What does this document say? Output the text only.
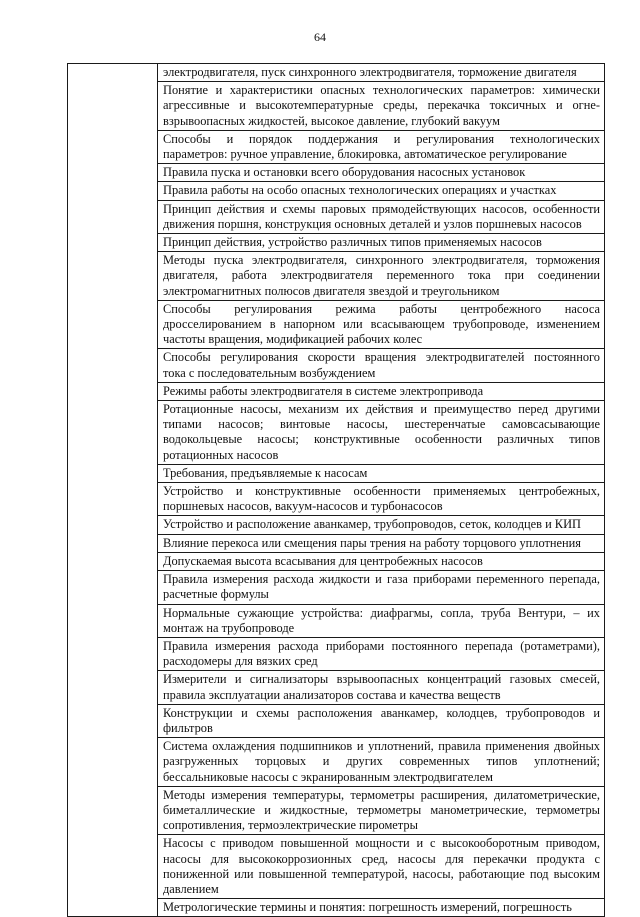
64

электродвигателя, пуск синхронного электродвигателя, торможение двигателя

Понятие и характеристики опасных технологических параметров: химически
агрессивные и высокотемпературные среды, перекачка токсичных и огне-
взрывоопасных жидкостей, высокое давление, глубокий вакуум

Способы и порядок поддержания и регулирования технологических
параметров: ручное управление, блокировка, автоматическое регулирование

Правила пуска и остановки всего оборудования насосных установок

Правила работы на особо опасных технологических операциях и участках

Принцип действия и схемы паровых прямодействующих насосов, особенности
движения поршня, конструкция основных деталей и узлов поршневых насосов

Принцип действия, устройство различных типов применяемых насосов

Методы пуска электродвигателя, синхронного электродвигателя, торможения
двигателя, работа электродвигателя переменного тока при соединении
электромагнитных полюсов двигателя звездой и треугольником

Способы регулирования режима работы центробежного насоса
дросселированием в напорном или всасывающем трубопроводе, изменением
частоты вращения, модификацией рабочих колес

Способы регулирования скорости вращения электродвигателей постоянного
тока с последовательным возбуждением

Режимы работы электродвигателя в системе электропривода

Ротационные насосы, механизм их действия и преимущество перед другими
типами насосов; винтовые насосы, шестеренчатые самовсасывающие
водокольцевые насосы; конструктивные особенности различных типов
ротационных насосов

Требования, предъявляемые к насосам

Устройство и конструктивные особенности применяемых центробежных,
поршневых насосов, вакуум-насосов и турбонасосов

Устройство и расположение аванкамер, трубопроводов, сеток, колодцев и КИП

Влияние перекоса или смещения пары трения на работу торцового уплотнения

Допускаемая высота всасывания для центробежных насосов

Правила измерения расхода жидкости и газа приборами переменного перепада,
расчетные формулы

Нормальные сужающие устройства: диафрагмы, сопла, труба Вентури, – их
монтаж на трубопроводе

Правила измерения расхода приборами постоянного перепада (ротаметрами),
расходомеры для вязких сред

Измерители и сигнализаторы взрывоопасных концентраций газовых смесей,
правила эксплуатации анализаторов состава и качества веществ

Конструкции и схемы расположения аванкамер, колодцев, трубопроводов и
фильтров

Система охлаждения подшипников и уплотнений, правила применения двойных
разгруженных торцовых и других современных типов уплотнений;
бессальниковые насосы с экранированным электродвигателем

Методы измерения температуры, термометры расширения, дилатометрические,
биметаллические и жидкостные, термометры манометрические, термометры
сопротивления, термоэлектрические пирометры

Насосы с приводом повышенной мощности и с высокооборотным приводом,
насосы для высококоррозионных сред, насосы для перекачки продукта с
пониженной или повышенной температурой, насосы, работающие под высоким
давлением

Метрологические термины и понятия: погрешность измерений, погрешность
